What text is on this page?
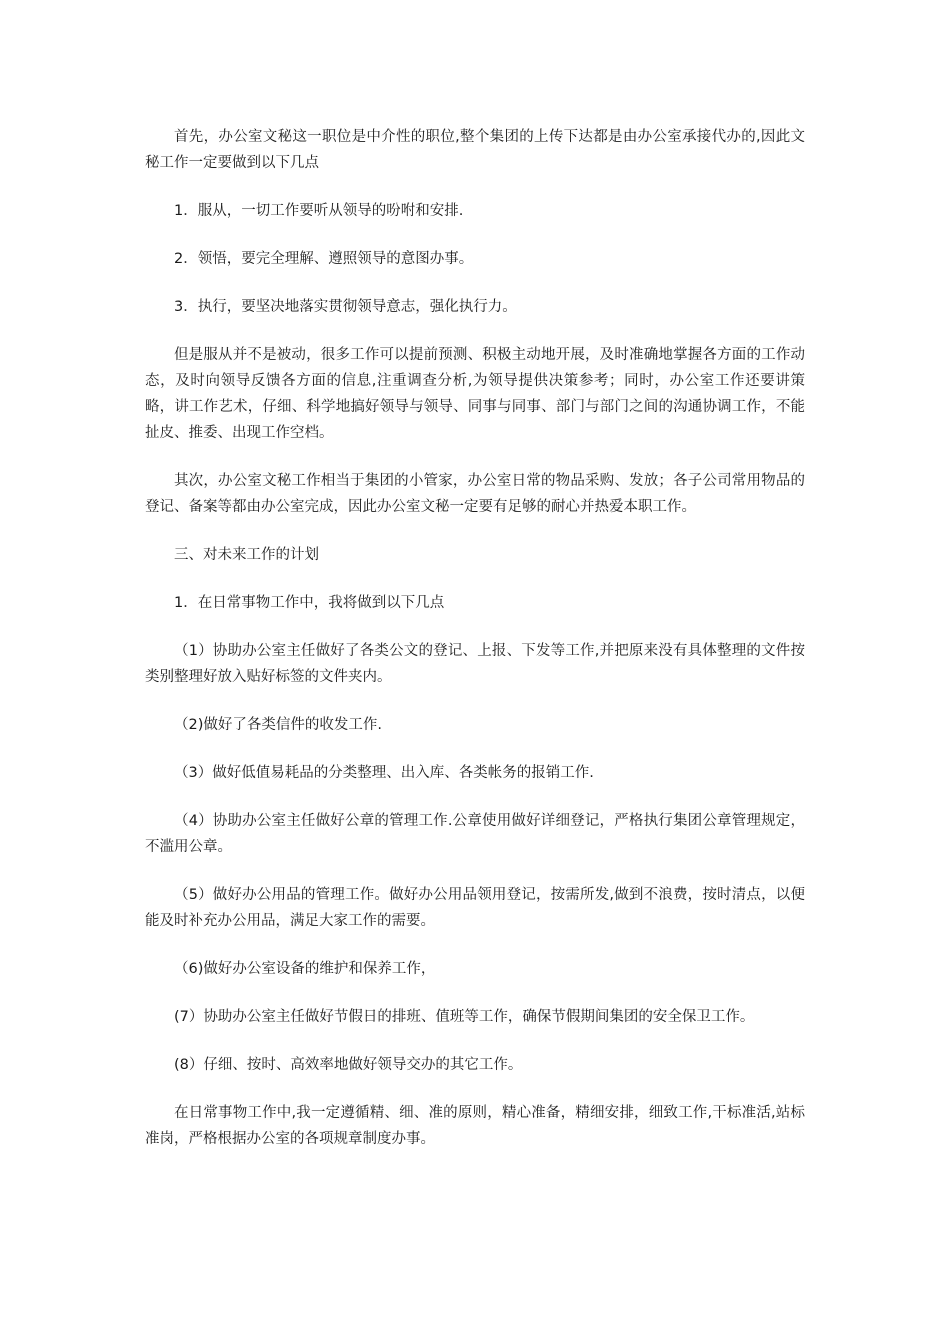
首先，办公室文秘这一职位是中介性的职位,整个集团的上传下达都是由办公室承接代办的,因此文秘工作一定要做到以下几点

1．服从，一切工作要听从领导的吩咐和安排.

2．领悟，要完全理解、遵照领导的意图办事。

3．执行，要坚决地落实贯彻领导意志，强化执行力。

但是服从并不是被动，很多工作可以提前预测、积极主动地开展，及时准确地掌握各方面的工作动态，及时向领导反馈各方面的信息,注重调查分析,为领导提供决策参考；同时，办公室工作还要讲策略，讲工作艺术，仔细、科学地搞好领导与领导、同事与同事、部门与部门之间的沟通协调工作，不能扯皮、推委、出现工作空档。

其次，办公室文秘工作相当于集团的小管家，办公室日常的物品采购、发放；各子公司常用物品的登记、备案等都由办公室完成，因此办公室文秘一定要有足够的耐心并热爱本职工作。

三、对未来工作的计划

1．在日常事物工作中，我将做到以下几点

（1）协助办公室主任做好了各类公文的登记、上报、下发等工作,并把原来没有具体整理的文件按类别整理好放入贴好标签的文件夹内。

（2)做好了各类信件的收发工作.

（3）做好低值易耗品的分类整理、出入库、各类帐务的报销工作.

（4）协助办公室主任做好公章的管理工作.公章使用做好详细登记，严格执行集团公章管理规定，不滥用公章。

（5）做好办公用品的管理工作。做好办公用品领用登记，按需所发,做到不浪费，按时清点，以便能及时补充办公用品，满足大家工作的需要。

（6)做好办公室设备的维护和保养工作，

(7）协助办公室主任做好节假日的排班、值班等工作，确保节假期间集团的安全保卫工作。

(8）仔细、按时、高效率地做好领导交办的其它工作。

在日常事物工作中,我一定遵循精、细、准的原则，精心准备，精细安排，细致工作,干标准活,站标准岗，严格根据办公室的各项规章制度办事。
